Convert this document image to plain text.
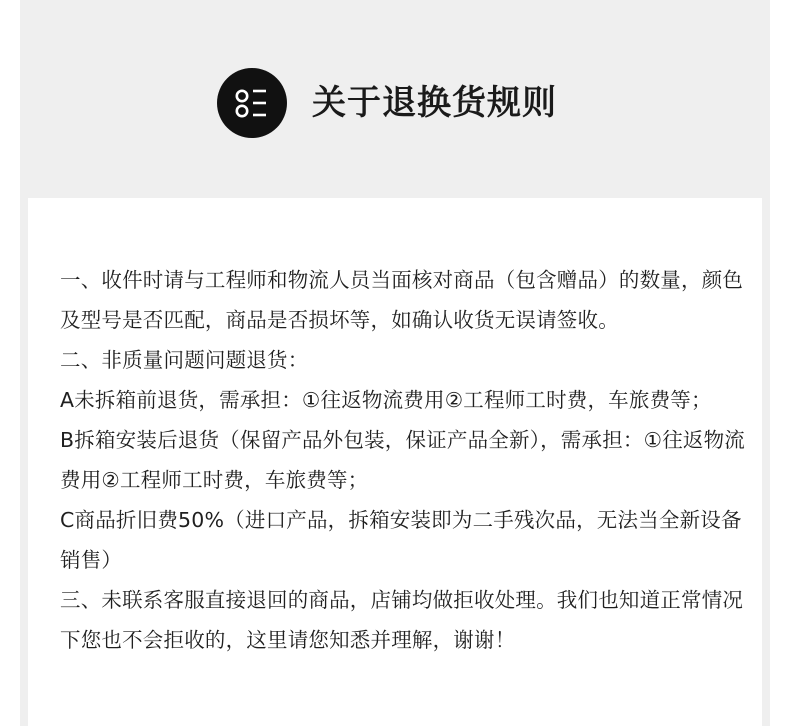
关于退换货规则

一、收件时请与工程师和物流人员当面核对商品（包含赠品）的数量，颜色及型号是否匹配，商品是否损坏等，如确认收货无误请签收。

二、非质量问题问题退货：

A未拆箱前退货，需承担：①往返物流费用②工程师工时费，车旅费等；

B拆箱安装后退货（保留产品外包装，保证产品全新），需承担：①往返物流费用②工程师工时费，车旅费等；

C商品折旧费50%（进口产品，拆箱安装即为二手残次品，无法当全新设备销售）

三、未联系客服直接退回的商品，店铺均做拒收处理。我们也知道正常情况下您也不会拒收的，这里请您知悉并理解，谢谢！
